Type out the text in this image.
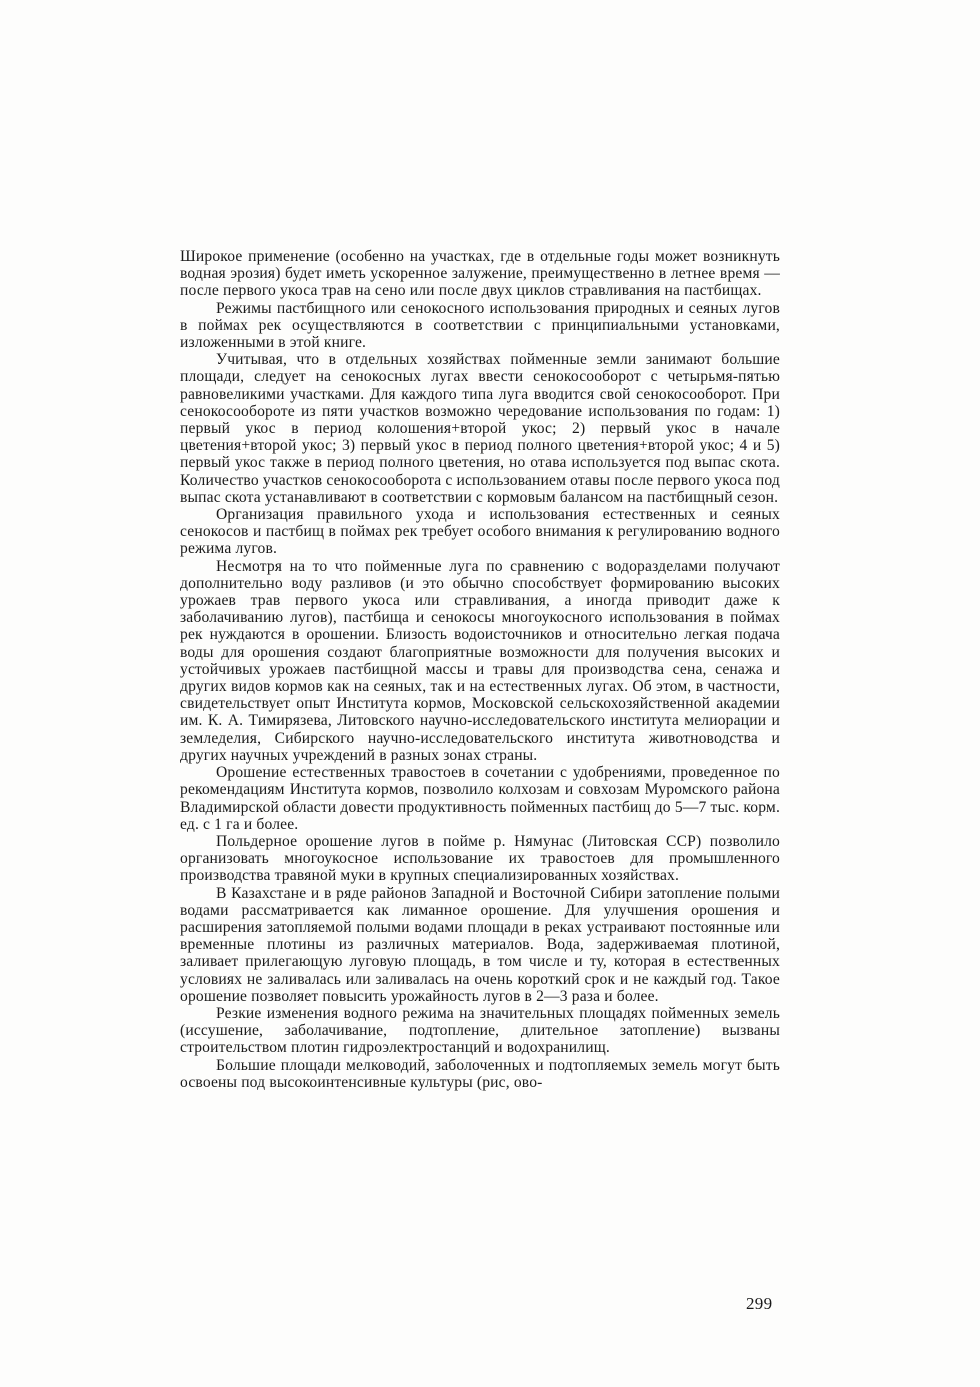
Широкое применение (особенно на участках, где в отдельные годы может возникнуть водная эрозия) будет иметь ускоренное залужение, преимущественно в летнее время — после первого укоса трав на сено или после двух циклов стравливания на пастбищах.

Режимы пастбищного или сенокосного использования природных и сеяных лугов в поймах рек осуществляются в соответствии с принципиальными установками, изложенными в этой книге.

Учитывая, что в отдельных хозяйствах пойменные земли занимают большие площади, следует на сенокосных лугах ввести сенокосооборот с четырьмя-пятью равновеликими участками. Для каждого типа луга вводится свой сенокосооборот. При сенокосообороте из пяти участков возможно чередование использования по годам: 1) первый укос в период колошения+второй укос; 2) первый укос в начале цветения+второй укос; 3) первый укос в период полного цветения+второй укос; 4 и 5) первый укос также в период полного цветения, но отава используется под выпас скота. Количество участков сенокосооборота с использованием отавы после первого укоса под выпас скота устанавливают в соответствии с кормовым балансом на пастбищный сезон.

Организация правильного ухода и использования естественных и сеяных сенокосов и пастбищ в поймах рек требует особого внимания к регулированию водного режима лугов.

Несмотря на то что пойменные луга по сравнению с водоразделами получают дополнительно воду разливов (и это обычно способствует формированию высоких урожаев трав первого укоса или стравливания, а иногда приводит даже к заболачиванию лугов), пастбища и сенокосы многоукосного использования в поймах рек нуждаются в орошении. Близость водоисточников и относительно легкая подача воды для орошения создают благоприятные возможности для получения высоких и устойчивых урожаев пастбищной массы и травы для производства сена, сенажа и других видов кормов как на сеяных, так и на естественных лугах. Об этом, в частности, свидетельствует опыт Института кормов, Московской сельскохозяйственной академии им. К. А. Тимирязева, Литовского научно-исследовательского института мелиорации и земледелия, Сибирского научно-исследовательского института животноводства и других научных учреждений в разных зонах страны.

Орошение естественных травостоев в сочетании с удобрениями, проведенное по рекомендациям Института кормов, позволило колхозам и совхозам Муромского района Владимирской области довести продуктивность пойменных пастбищ до 5—7 тыс. корм. ед. с 1 га и более.

Польдерное орошение лугов в пойме р. Нямунас (Литовская ССР) позволило организовать многоукосное использование их травостоев для промышленного производства травяной муки в крупных специализированных хозяйствах.

В Казахстане и в ряде районов Западной и Восточной Сибири затопление полыми водами рассматривается как лиманное орошение. Для улучшения орошения и расширения затопляемой полыми водами площади в реках устраивают постоянные или временные плотины из различных материалов. Вода, задерживаемая плотиной, заливает прилегающую луговую площадь, в том числе и ту, которая в естественных условиях не заливалась или заливалась на очень короткий срок и не каждый год. Такое орошение позволяет повысить урожайность лугов в 2—3 раза и более.

Резкие изменения водного режима на значительных площадях пойменных земель (иссушение, заболачивание, подтопление, длительное затопление) вызваны строительством плотин гидроэлектростанций и водохранилищ.

Большие площади мелководий, заболоченных и подтопляемых земель могут быть освоены под высокоинтенсивные культуры (рис, ово-

299
